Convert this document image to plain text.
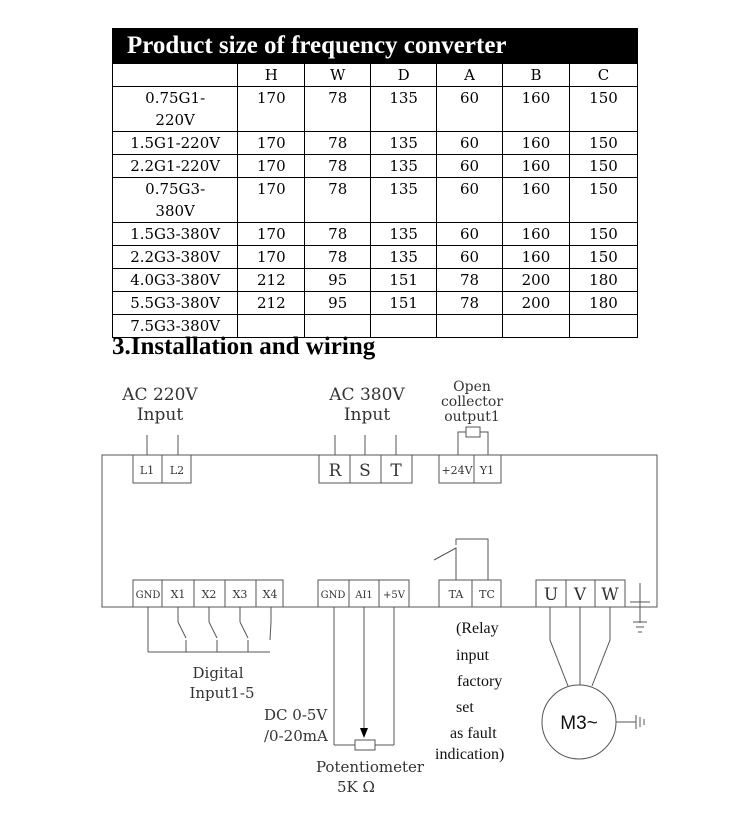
Product size of frequency converter						
	H	W	D	A	B	C
0.75G1-
220V	170	78	135	60	160	150
1.5G1-220V	170	78	135	60	160	150
2.2G1-220V	170	78	135	60	160	150
0.75G3-
380V	170	78	135	60	160	150
1.5G3-380V	170	78	135	60	160	150
2.2G3-380V	170	78	135	60	160	150
4.0G3-380V	212	95	151	78	200	180
5.5G3-380V	212	95	151	78	200	180
7.5G3-380V						
3.Installation and wiring
AC 220V
Input
AC 380V
Input
Open
collector
output1
L1 L2	R S T	+24V Y1
GND X1 X2 X3 X4	GND AI1 +5V	TA TC	U V W
Digital
Input1-5
DC 0-5V
/0-20mA
Potentiometer
5K Ω
(Relay
input
factory
set
as fault
indication)
M3~
